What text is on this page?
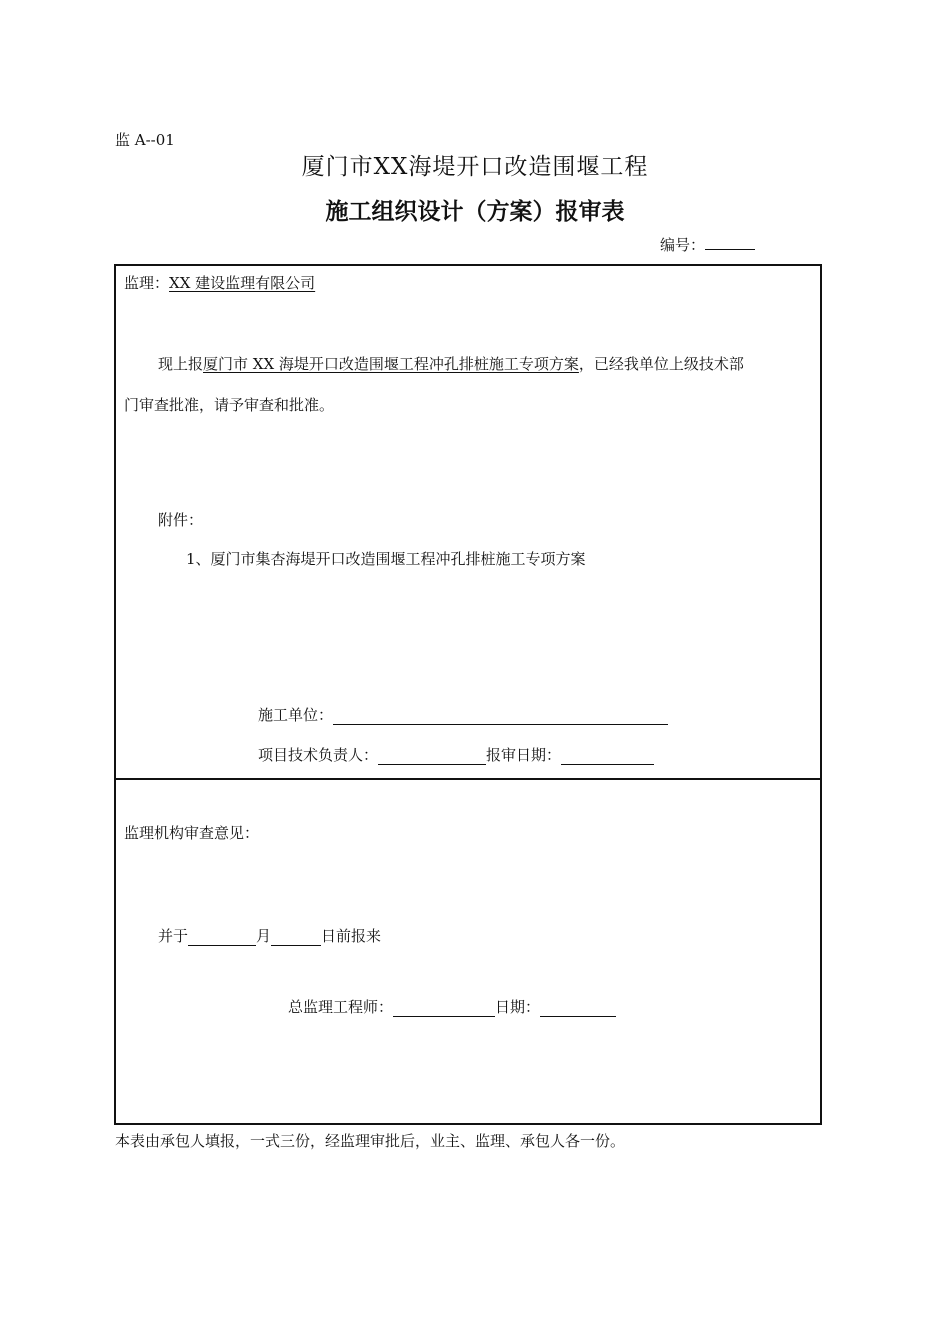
监 A--01
厦门市XX海堤开口改造围堰工程
施工组织设计（方案）报审表
编号：
监理：XX 建设监理有限公司
现上报厦门市 XX 海堤开口改造围堰工程冲孔排桩施工专项方案，已经我单位上级技术部
门审查批准，请予审查和批准。
附件：
1、厦门市集杏海堤开口改造围堰工程冲孔排桩施工专项方案
施工单位：
项目技术负责人：	报审日期：
监理机构审查意见：
并于	月	日前报来
总监理工程师：	日期：
本表由承包人填报，一式三份，经监理审批后，业主、监理、承包人各一份。
